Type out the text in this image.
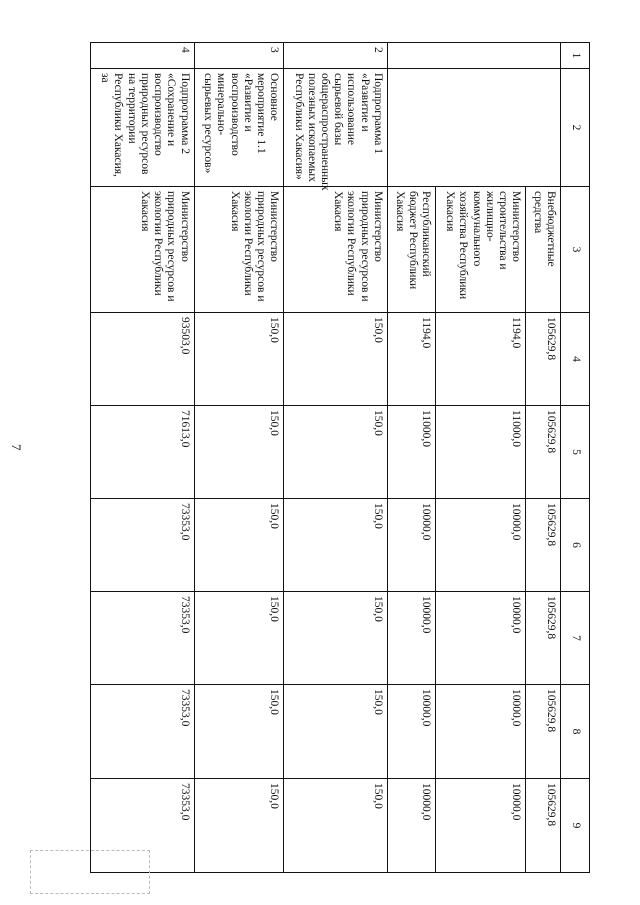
7
1	2	3	4	5	6	7	8	9
		Внебюджетные средства	105629,8	105629,8	105629,8	105629,8	105629,8	105629,8
		Министерство строительства и жилищно-коммунального хозяйства Республики Хакасия	1194,0	11000,0	10000,0	10000,0	10000,0	10000,0
		Республиканский бюджет Республики Хакасия	1194,0	11000,0	10000,0	10000,0	10000,0	10000,0
2	Подпрограмма 1 «Развитие и использование сырьевой базы общераспространенных полезных ископаемых Республики Хакасия»	Министерство природных ресурсов и экологии Республики Хакасия	150,0	150,0	150,0	150,0	150,0	150,0
3	Основное мероприятие 1.1 «Развитие и воспроизводство минерально-сырьевых ресурсов»	Министерство природных ресурсов и экологии Республики Хакасия	150,0	150,0	150,0	150,0	150,0	150,0
4	Подпрограмма 2 «Сохранение и воспроизводство природных ресурсов на территории Республики Хакасия, за	Министерство природных ресурсов и экологии Республики Хакасия	93503,0	71613,0	73353,0	73353,0	73353,0	73353,0
